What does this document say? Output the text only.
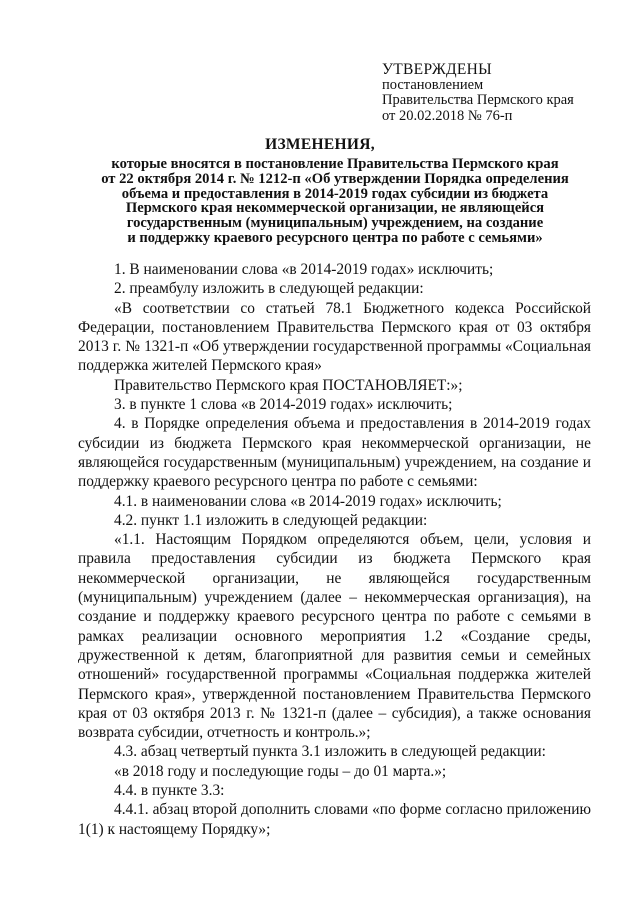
УТВЕРЖДЕНЫ
постановлением
Правительства Пермского края
от 20.02.2018 № 76-п
ИЗМЕНЕНИЯ,
которые вносятся в постановление Правительства Пермского края
от 22 октября 2014 г. № 1212-п «Об утверждении Порядка определения
объема и предоставления в 2014-2019 годах субсидии из бюджета
Пермского края некоммерческой организации, не являющейся
государственным (муниципальным) учреждением, на создание
и поддержку краевого ресурсного центра по работе с семьями»

1. В наименовании слова «в 2014-2019 годах» исключить;

2. преамбулу изложить в следующей редакции:

«В соответствии со статьей 78.1 Бюджетного кодекса Российской Федерации, постановлением Правительства Пермского края от 03 октября 2013 г. № 1321-п «Об утверждении государственной программы «Социальная поддержка жителей Пермского края»

Правительство Пермского края ПОСТАНОВЛЯЕТ:»;

3. в пункте 1 слова «в 2014-2019 годах» исключить;

4. в Порядке определения объема и предоставления в 2014-2019 годах субсидии из бюджета Пермского края некоммерческой организации, не являющейся государственным (муниципальным) учреждением, на создание и поддержку краевого ресурсного центра по работе с семьями:

4.1. в наименовании слова «в 2014-2019 годах» исключить;

4.2. пункт 1.1 изложить в следующей редакции:

«1.1. Настоящим Порядком определяются объем, цели, условия и правила предоставления субсидии из бюджета Пермского края некоммерческой организации, не являющейся государственным (муниципальным) учреждением (далее – некоммерческая организация), на создание и поддержку краевого ресурсного центра по работе с семьями в рамках реализации основного мероприятия 1.2 «Создание среды, дружественной к детям, благоприятной для развития семьи и семейных отношений» государственной программы «Социальная поддержка жителей Пермского края», утвержденной постановлением Правительства Пермского края от 03 октября 2013 г. № 1321-п (далее – субсидия), а также основания возврата субсидии, отчетность и контроль.»;

4.3. абзац четвертый пункта 3.1 изложить в следующей редакции:

«в 2018 году и последующие годы – до 01 марта.»;

4.4. в пункте 3.3:

4.4.1. абзац второй дополнить словами «по форме согласно приложению 1(1) к настоящему Порядку»;
